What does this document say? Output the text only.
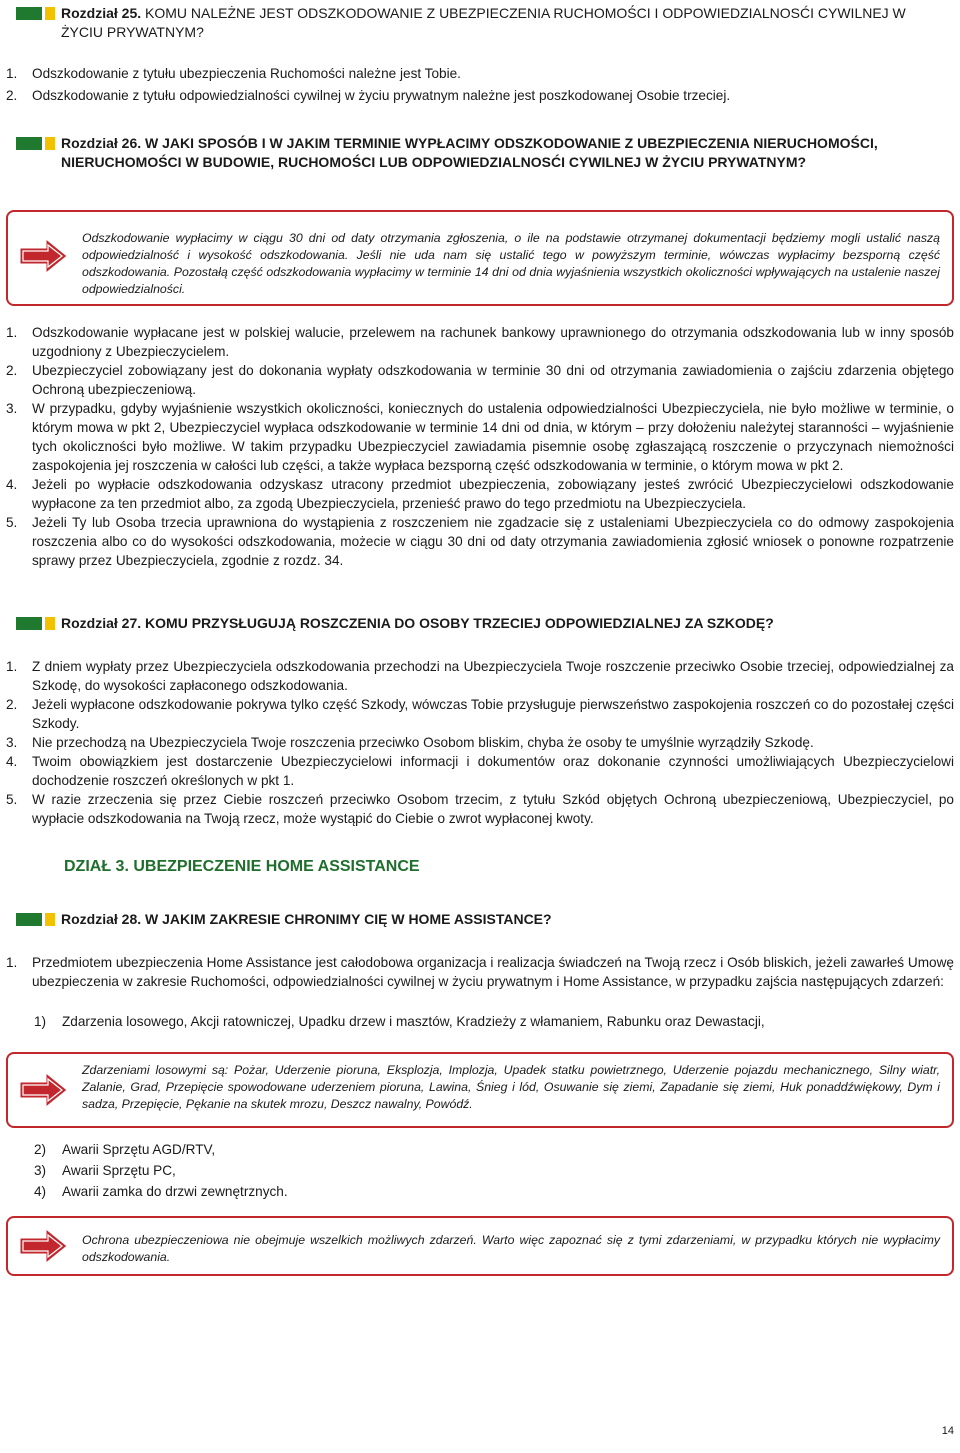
Rozdział 25. KOMU NALEŻNE JEST ODSZKODOWANIE Z UBEZPIECZENIA RUCHOMOŚCI I ODPOWIEDZIALNOSĆI CYWILNEJ W ŻYCIU PRYWATNYM?
1.	Odszkodowanie z tytułu ubezpieczenia Ruchomości należne jest Tobie.
2.	Odszkodowanie z tytułu odpowiedzialności cywilnej w życiu prywatnym należne jest poszkodowanej Osobie trzeciej.
Rozdział 26. W JAKI SPOSÓB I W JAKIM TERMINIE WYPŁACIMY ODSZKODOWANIE Z UBEZPIECZENIA NIERUCHOMOŚCI, NIERUCHOMOŚCI W BUDOWIE, RUCHOMOŚCI LUB ODPOWIEDZIALNOSĆI CYWILNEJ W ŻYCIU PRYWATNYM?
Odszkodowanie wypłacimy w ciągu 30 dni od daty otrzymania zgłoszenia, o ile na podstawie otrzymanej dokumentacji będziemy mogli ustalić naszą odpowiedzialność i wysokość odszkodowania. Jeśli nie uda nam się ustalić tego w powyższym terminie, wówczas wypłacimy bezsporną część odszkodowania. Pozostałą część odszkodowania wypłacimy w terminie 14 dni od dnia wyjaśnienia wszystkich okoliczności wpływających na ustalenie naszej odpowiedzialności.
1.	Odszkodowanie wypłacane jest w polskiej walucie, przelewem na rachunek bankowy uprawnionego do otrzymania odszkodowania lub w inny sposób uzgodniony z Ubezpieczycielem.
2.	Ubezpieczyciel zobowiązany jest do dokonania wypłaty odszkodowania w terminie 30 dni od otrzymania zawiadomienia o zajściu zdarzenia objętego Ochroną ubezpieczeniową.
3.	W przypadku, gdyby wyjaśnienie wszystkich okoliczności, koniecznych do ustalenia odpowiedzialności Ubezpieczyciela, nie było możliwe w terminie, o którym mowa w pkt 2, Ubezpieczyciel wypłaca odszkodowanie w terminie 14 dni od dnia, w którym – przy dołożeniu należytej staranności – wyjaśnienie tych okoliczności było możliwe. W takim przypadku Ubezpieczyciel zawiadamia pisemnie osobę zgłaszającą roszczenie o przyczynach niemożności zaspokojenia jej roszczenia w całości lub części, a także wypłaca bezsporną część odszkodowania w terminie, o którym mowa w pkt 2.
4.	Jeżeli po wypłacie odszkodowania odzyskasz utracony przedmiot ubezpieczenia, zobowiązany jesteś zwrócić Ubezpieczycielowi odszkodowanie wypłacone za ten przedmiot albo, za zgodą Ubezpieczyciela, przenieść prawo do tego przedmiotu na Ubezpieczyciela.
5.	Jeżeli Ty lub Osoba trzecia uprawniona do wystąpienia z roszczeniem nie zgadzacie się z ustaleniami Ubezpieczyciela co do odmowy zaspokojenia roszczenia albo co do wysokości odszkodowania, możecie w ciągu 30 dni od daty otrzymania zawiadomienia zgłosić wniosek o ponowne rozpatrzenie sprawy przez Ubezpieczyciela, zgodnie z rozdz. 34.
Rozdział 27. KOMU PRZYSŁUGUJĄ ROSZCZENIA DO OSOBY TRZECIEJ ODPOWIEDZIALNEJ ZA SZKODĘ?
1.	Z dniem wypłaty przez Ubezpieczyciela odszkodowania przechodzi na Ubezpieczyciela Twoje roszczenie przeciwko Osobie trzeciej, odpowiedzialnej za Szkodę, do wysokości zapłaconego odszkodowania.
2.	Jeżeli wypłacone odszkodowanie pokrywa tylko część Szkody, wówczas Tobie przysługuje pierwszeństwo zaspokojenia roszczeń co do pozostałej części Szkody.
3.	Nie przechodzą na Ubezpieczyciela Twoje roszczenia przeciwko Osobom bliskim, chyba że osoby te umyślnie wyrządziły Szkodę.
4.	Twoim obowiązkiem jest dostarczenie Ubezpieczycielowi informacji i dokumentów oraz dokonanie czynności umożliwiających Ubezpieczycielowi dochodzenie roszczeń określonych w pkt 1.
5.	W razie zrzeczenia się przez Ciebie roszczeń przeciwko Osobom trzecim, z tytułu Szkód objętych Ochroną ubezpieczeniową, Ubezpieczyciel, po wypłacie odszkodowania na Twoją rzecz, może wystąpić do Ciebie o zwrot wypłaconej kwoty.
DZIAŁ 3. UBEZPIECZENIE HOME ASSISTANCE
Rozdział 28. W JAKIM ZAKRESIE CHRONIMY CIĘ W HOME ASSISTANCE?
1.	Przedmiotem ubezpieczenia Home Assistance jest całodobowa organizacja i realizacja świadczeń na Twoją rzecz i Osób bliskich, jeżeli zawarłeś Umowę ubezpieczenia w zakresie Ruchomości, odpowiedzialności cywilnej w życiu prywatnym i Home Assistance, w przypadku zajścia następujących zdarzeń:
1)	Zdarzenia losowego, Akcji ratowniczej, Upadku drzew i masztów, Kradzieży z włamaniem, Rabunku oraz Dewastacji,
Zdarzeniami losowymi są: Pożar, Uderzenie pioruna, Eksplozja, Implozja, Upadek statku powietrznego, Uderzenie pojazdu mechanicznego, Silny wiatr, Zalanie, Grad, Przepięcie spowodowane uderzeniem pioruna, Lawina, Śnieg i lód, Osuwanie się ziemi, Zapadanie się ziemi, Huk ponaddźwiękowy, Dym i sadza, Przepięcie, Pękanie na skutek mrozu, Deszcz nawalny, Powódź.
2)	Awarii Sprzętu AGD/RTV,
3)	Awarii Sprzętu PC,
4)	Awarii zamka do drzwi zewnętrznych.
Ochrona ubezpieczeniowa nie obejmuje wszelkich możliwych zdarzeń. Warto więc zapoznać się z tymi zdarzeniami, w przypadku których nie wypłacimy odszkodowania.
14
